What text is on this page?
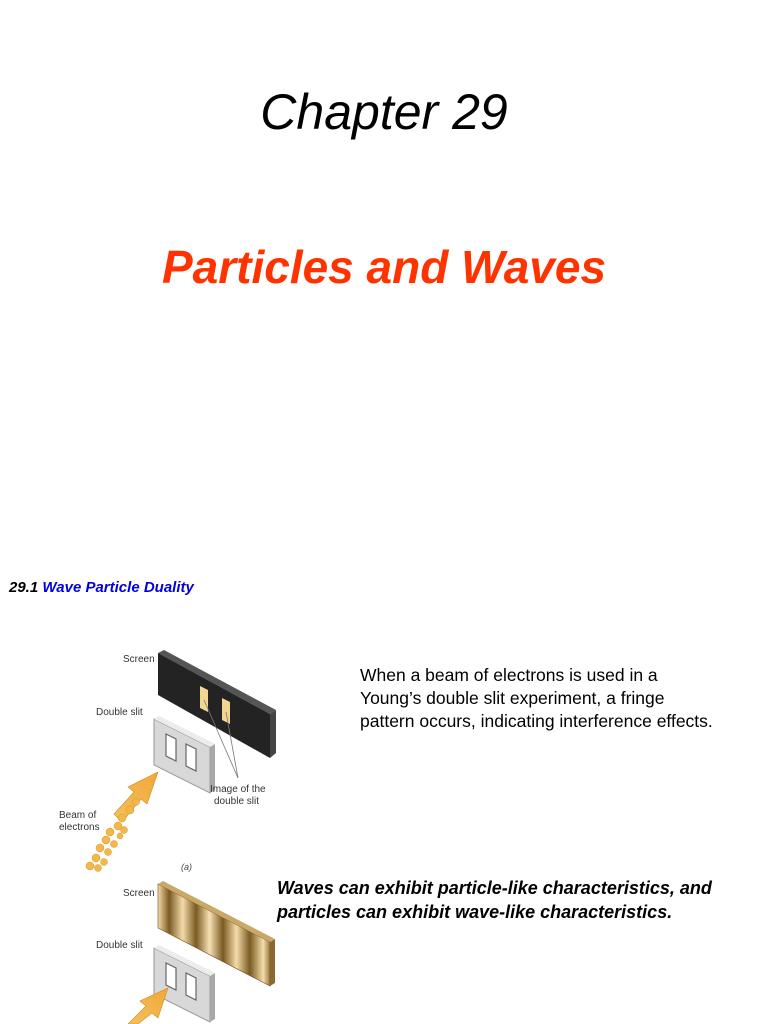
Chapter 29
Particles and Waves
29.1 Wave Particle Duality
Screen
Double slit
Image of the
double slit
Beam of
electrons
(a)
Screen
Double slit
When a beam of electrons is used in a Young’s double slit experiment, a fringe pattern occurs, indicating interference effects.
Waves can exhibit particle-like characteristics, and particles can exhibit wave-like characteristics.
